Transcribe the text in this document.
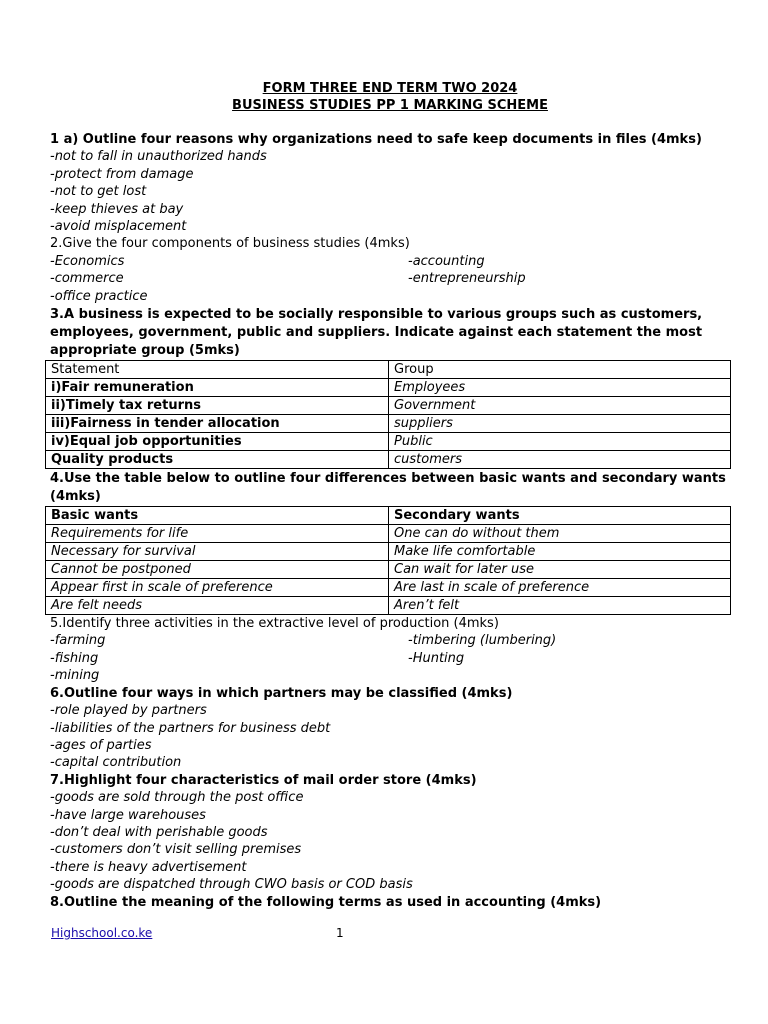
FORM THREE END TERM TWO 2024
BUSINESS STUDIES PP 1 MARKING SCHEME
1 a) Outline four reasons why organizations need to safe keep documents in files (4mks)
-not to fall in unauthorized hands
-protect from damage
-not to get lost
-keep thieves at bay
-avoid misplacement
2.Give the four components of business studies (4mks)
-Economics	-accounting
-commerce	-entrepreneurship
-office practice
3.A business is expected to be socially responsible to various groups such as customers, employees, government, public and suppliers. Indicate against each statement the most appropriate group (5mks)
Statement	Group
i)Fair remuneration	Employees
ii)Timely tax returns	Government
iii)Fairness in tender allocation	suppliers
iv)Equal job opportunities	Public
Quality products	customers
4.Use the table below to outline four differences between basic wants and secondary wants (4mks)
Basic wants	Secondary wants
Requirements for life	One can do without them
Necessary for survival	Make life comfortable
Cannot be postponed	Can wait for later use
Appear first in scale of preference	Are last in scale of preference
Are felt needs	Aren’t felt
5.Identify three activities in the extractive level of production (4mks)
-farming	-timbering (lumbering)
-fishing	-Hunting
-mining
6.Outline four ways in which partners may be classified (4mks)
-role played by partners
-liabilities of the partners for business debt
-ages of parties
-capital contribution
7.Highlight four characteristics of mail order store (4mks)
-goods are sold through the post office
-have large warehouses
-don’t deal with perishable goods
-customers don’t visit selling premises
-there is heavy advertisement
-goods are dispatched through CWO basis or COD basis
8.Outline the meaning of the following terms as used in accounting (4mks)
Highschool.co.ke	1
